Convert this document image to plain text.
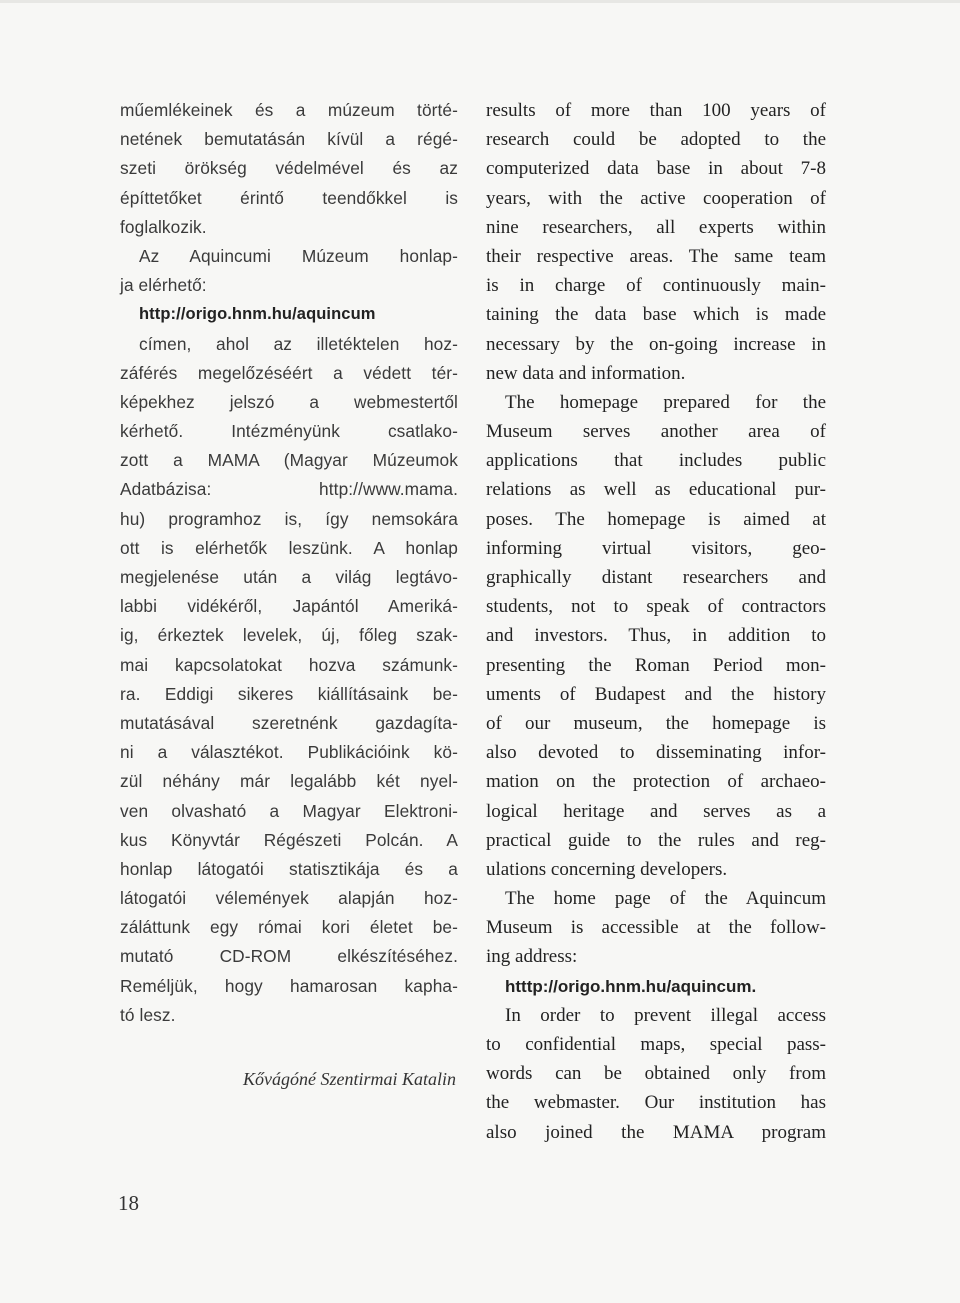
műemlékeinek és a múzeum törté-
netének bemutatásán kívül a régé-
szeti örökség védelmével és az
építtetőket érintő teendőkkel is
foglalkozik.
Az Aquincumi Múzeum honlap-
ja elérhető:
http://origo.hnm.hu/aquincum
címen, ahol az illetéktelen hoz-
záférés megelőzéséért a védett tér-
képekhez jelszó a webmestertől
kérhető. Intézményünk csatlako-
zott a MAMA (Magyar Múzeumok
Adatbázisa: http://www.mama.
hu) programhoz is, így nemsokára
ott is elérhetők leszünk. A honlap
megjelenése után a világ legtávo-
labbi vidékéről, Japántól Ameriká-
ig, érkeztek levelek, új, főleg szak-
mai kapcsolatokat hozva számunk-
ra. Eddigi sikeres kiállításaink be-
mutatásával szeretnénk gazdagíta-
ni a választékot. Publikációink kö-
zül néhány már legalább két nyel-
ven olvasható a Magyar Elektroni-
kus Könyvtár Régészeti Polcán. A
honlap látogatói statisztikája és a
látogatói vélemények alapján hoz-
záláttunk egy római kori életet be-
mutató CD-ROM elkészítéséhez.
Reméljük, hogy hamarosan kapha-
tó lesz.
results of more than 100 years of
research could be adopted to the
computerized data base in about 7-8
years, with the active cooperation of
nine researchers, all experts within
their respective areas. The same team
is in charge of continuously main-
taining the data base which is made
necessary by the on-going increase in
new data and information.
The homepage prepared for the
Museum serves another area of
applications that includes public
relations as well as educational pur-
poses. The homepage is aimed at
informing virtual visitors, geo-
graphically distant researchers and
students, not to speak of contractors
and investors. Thus, in addition to
presenting the Roman Period mon-
uments of Budapest and the history
of our museum, the homepage is
also devoted to disseminating infor-
mation on the protection of archaeo-
logical heritage and serves as a
practical guide to the rules and reg-
ulations concerning developers.
The home page of the Aquincum
Museum is accessible at the follow-
ing address:
htttp://origo.hnm.hu/aquincum.
In order to prevent illegal access
to confidential maps, special pass-
words can be obtained only from
the webmaster. Our institution has
also joined the MAMA program
Kővágóné Szentirmai Katalin
18
